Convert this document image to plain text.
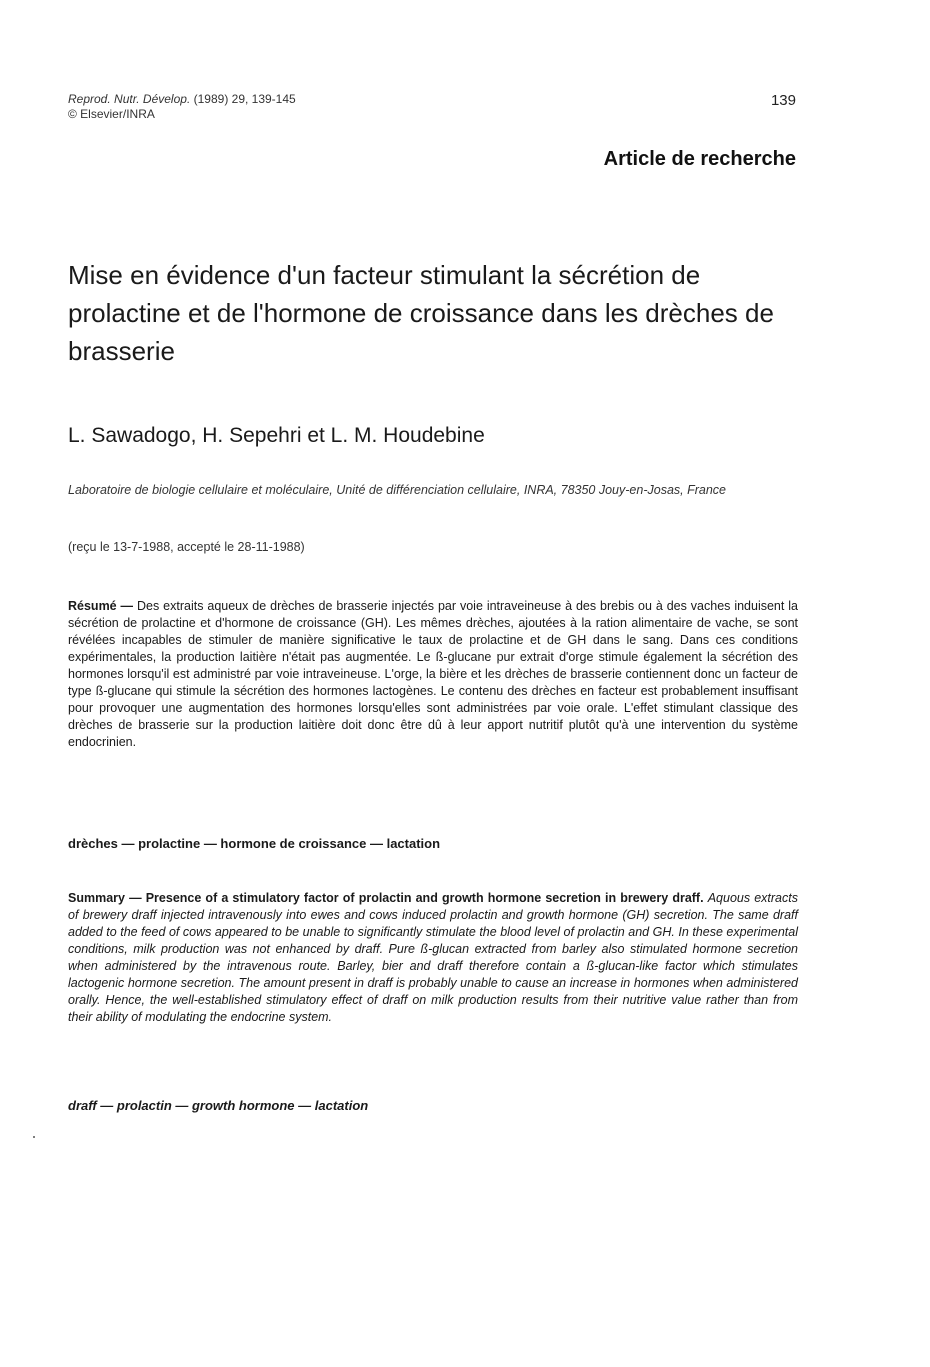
Reprod. Nutr. Dévelop. (1989) 29, 139-145
© Elsevier/INRA
139
Article de recherche
Mise en évidence d'un facteur stimulant la sécrétion de prolactine et de l'hormone de croissance dans les drèches de brasserie
L. Sawadogo, H. Sepehri et L. M. Houdebine
Laboratoire de biologie cellulaire et moléculaire, Unité de différenciation cellulaire, INRA, 78350 Jouy-en-Josas, France
(reçu le 13-7-1988, accepté le 28-11-1988)
Résumé — Des extraits aqueux de drèches de brasserie injectés par voie intraveineuse à des brebis ou à des vaches induisent la sécrétion de prolactine et d'hormone de croissance (GH). Les mêmes drèches, ajoutées à la ration alimentaire de vache, se sont révélées incapables de stimuler de manière significative le taux de prolactine et de GH dans le sang. Dans ces conditions expérimentales, la production laitière n'était pas augmentée. Le ß-glucane pur extrait d'orge stimule également la sécrétion des hormones lorsqu'il est administré par voie intraveineuse. L'orge, la bière et les drèches de brasserie contiennent donc un facteur de type ß-glucane qui stimule la sécrétion des hormones lactogènes. Le contenu des drèches en facteur est probablement insuffisant pour provoquer une augmentation des hormones lorsqu'elles sont administrées par voie orale. L'effet stimulant classique des drèches de brasserie sur la production laitière doit donc être dû à leur apport nutritif plutôt qu'à une intervention du système endocrinien.
drèches — prolactine — hormone de croissance — lactation
Summary — Presence of a stimulatory factor of prolactin and growth hormone secretion in brewery draff. Aquous extracts of brewery draff injected intravenously into ewes and cows induced prolactin and growth hormone (GH) secretion. The same draff added to the feed of cows appeared to be unable to significantly stimulate the blood level of prolactin and GH. In these experimental conditions, milk production was not enhanced by draff. Pure ß-glucan extracted from barley also stimulated hormone secretion when administered by the intravenous route. Barley, bier and draff therefore contain a ß-glucan-like factor which stimulates lactogenic hormone secretion. The amount present in draff is probably unable to cause an increase in hormones when administered orally. Hence, the well-established stimulatory effect of draff on milk production results from their nutritive value rather than from their ability of modulating the endocrine system.
draff — prolactin — growth hormone — lactation
